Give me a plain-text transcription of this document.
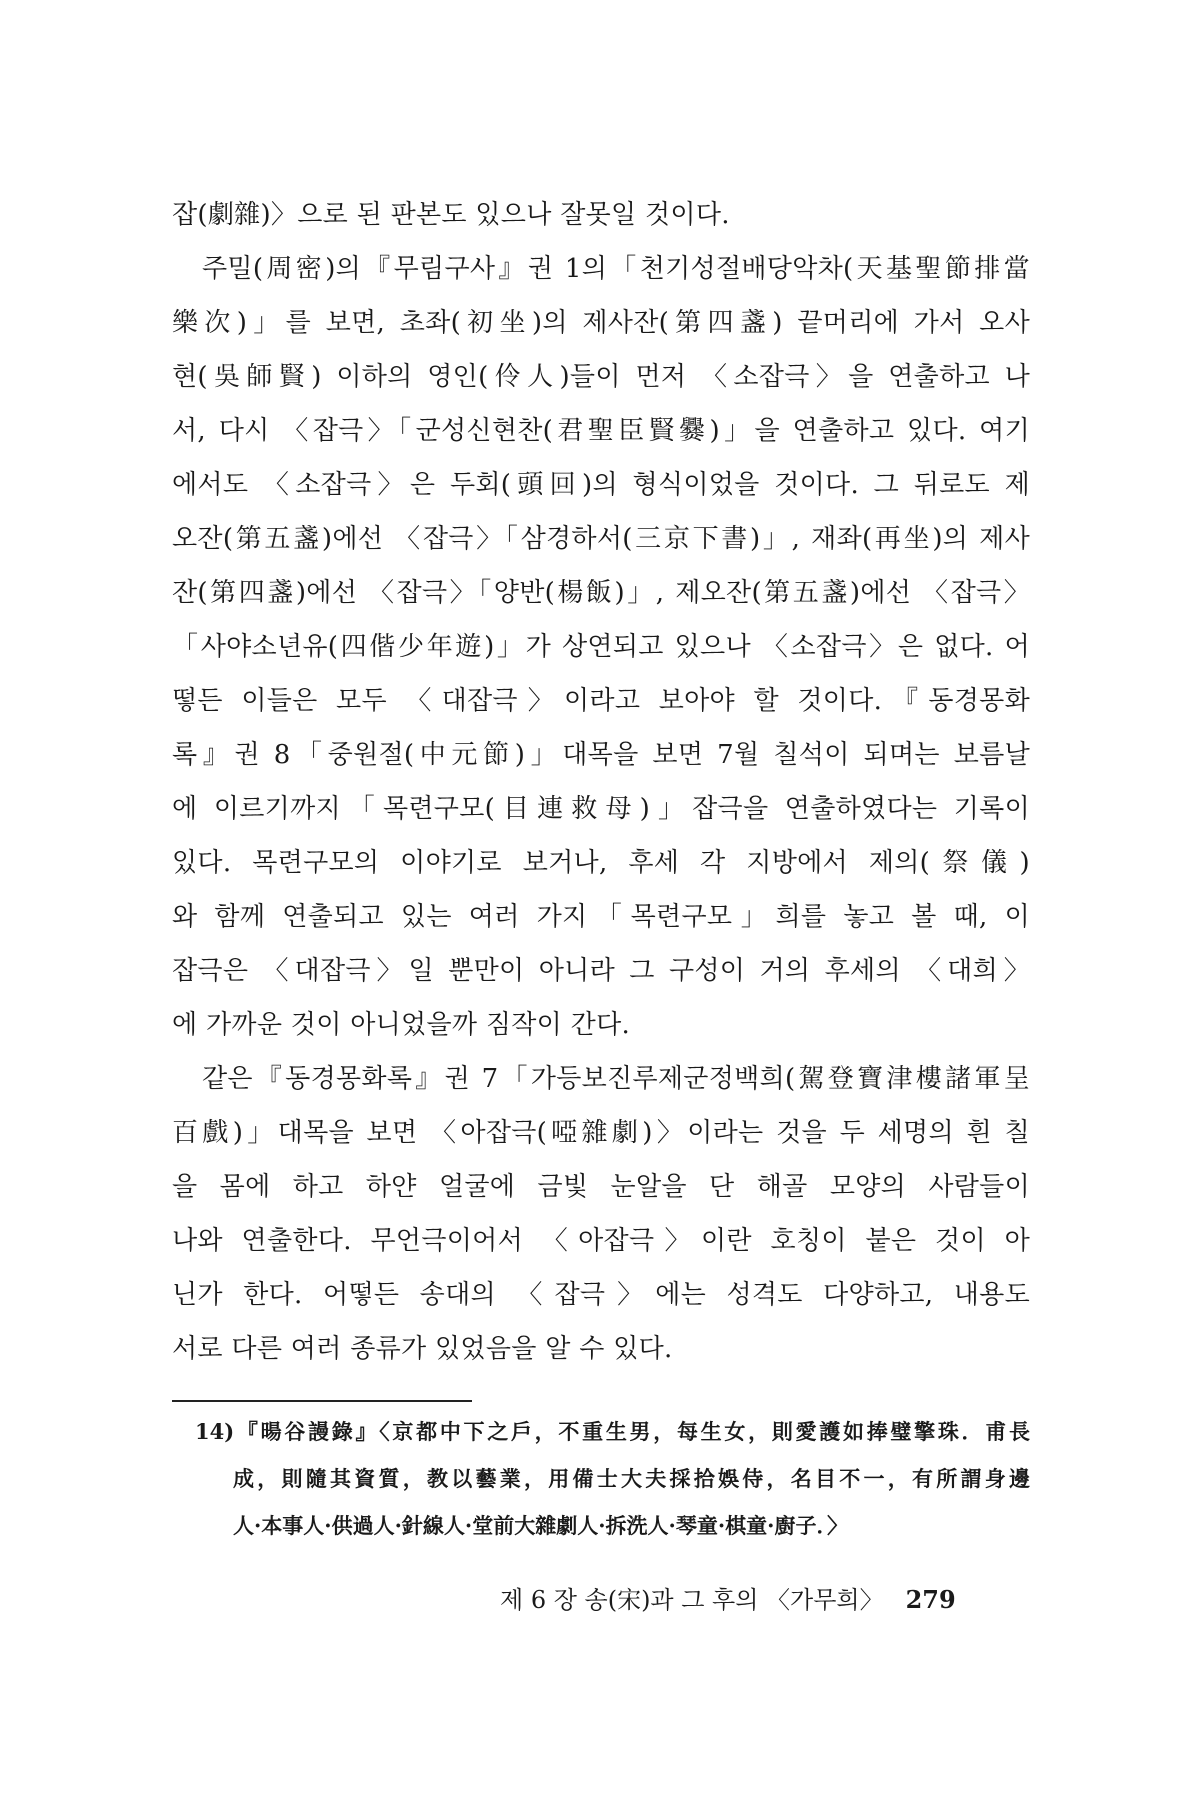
잡(劇雜)〉으로 된 판본도 있으나 잘못일 것이다.
주밀(周密)의『무림구사』권 1의「천기성절배당악차(天基聖節排當
樂次)」를 보면, 초좌(初坐)의 제사잔(第四盞) 끝머리에 가서 오사
현(吳師賢) 이하의 영인(伶人)들이 먼저 〈소잡극〉을 연출하고 나
서, 다시 〈잡극〉「군성신현찬(君聖臣賢爨)」을 연출하고 있다. 여기
에서도 〈소잡극〉은 두회(頭回)의 형식이었을 것이다. 그 뒤로도 제
오잔(第五盞)에선 〈잡극〉「삼경하서(三京下書)」, 재좌(再坐)의 제사
잔(第四盞)에선 〈잡극〉「양반(楊飯)」, 제오잔(第五盞)에선 〈잡극〉
「사야소년유(四偕少年遊)」가 상연되고 있으나 〈소잡극〉은 없다. 어
떻든 이들은 모두 〈대잡극〉이라고 보아야 할 것이다.『동경몽화
록』권 8「중원절(中元節)」대목을 보면 7월 칠석이 되며는 보름날
에 이르기까지「목련구모(目連救母)」잡극을 연출하였다는 기록이
있다. 목련구모의 이야기로 보거나, 후세 각 지방에서 제의(祭儀)
와 함께 연출되고 있는 여러 가지「목련구모」희를 놓고 볼 때, 이
잡극은 〈대잡극〉일 뿐만이 아니라 그 구성이 거의 후세의 〈대희〉
에 가까운 것이 아니었을까 짐작이 간다.
같은『동경몽화록』권 7「가등보진루제군정백희(駕登寶津樓諸軍呈
百戲)」대목을 보면 〈아잡극(啞雜劇)〉이라는 것을 두 세명의 흰 칠
을 몸에 하고 하얀 얼굴에 금빛 눈알을 단 해골 모양의 사람들이
나와 연출한다. 무언극이어서 〈아잡극〉이란 호칭이 붙은 것이 아
닌가 한다. 어떻든 송대의 〈잡극〉에는 성격도 다양하고, 내용도
서로 다른 여러 종류가 있었음을 알 수 있다.
14)『暘谷謾錄』〈京都中下之戶，不重生男，每生女，則愛護如捧璧擎珠．甫長
成，則隨其資質，教以藝業，用備士大夫採拾娛侍，名目不一，有所謂身邊
人·本事人·供過人·針線人·堂前大雜劇人·拆洗人·琴童·棋童·廚子．〉
제 6 장 송(宋)과 그 후의 〈가무희〉 279
